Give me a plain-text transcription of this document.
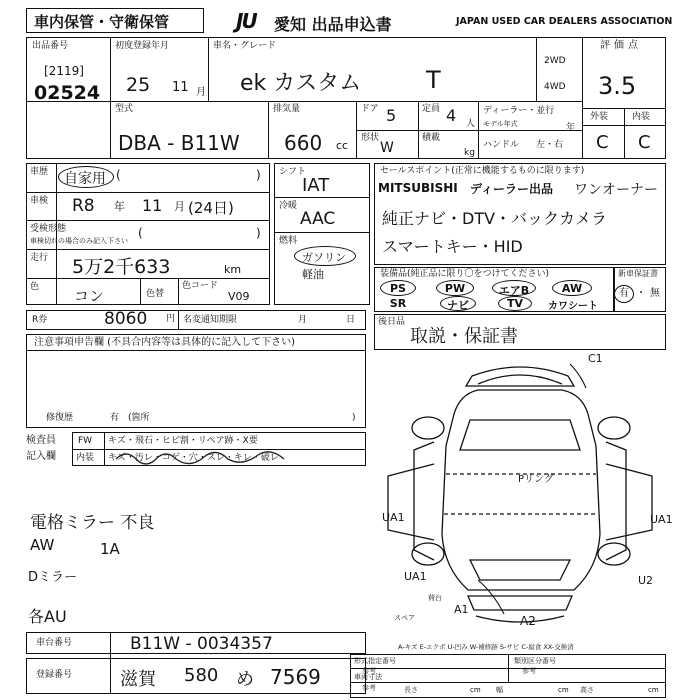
車内保管・守衛保管	JU 愛知 出品申込書	JAPAN USED CAR DEALERS ASSOCIATION
出品番号
[2119]
02524
初度登録年月
25 11 月
車名・グレード
ek カスタム	T
2WD
4WD
評価点
3.5
型式
DBA - B11W
排気量
660 cc
ドア 5
形状
W
定員 4 人
積載
kg
ディーラー・並行
モデル年式	年
ハンドル 左・右
外装	内装
C C
車歴 自家用 (	)
車検 R8 年 11 月 (24日)
受検形態
車検切れの場合のみ記入下さい
(	)
走行 5万2千633	km
色 コン	色替
色コード
V09
シフト
IAT
冷暖
AAC
燃料
ガソリン
軽油
セールスポイント(正常に機能するものに限ります)
MITSUBISHI ディーラー出品 ワンオーナー
純正ナビ・DTV・バックカメラ
スマートキー・HID
装備品(純正品に限り〇をつけてください)
PS	PW	エアB	AW
SR	ナビ	TV	カワシート
新車保証書
有 ・ 無
R券	8060 円 名変通知期限	月	日	後日品
取説・保証書
注意事項申告欄 (不具合内容等は具体的に記入して下さい)
修復歴	有 (箇所	)
検査員
記入欄
FW キズ・飛石・ヒビ割・リペア跡・X要
内装 キズ・汚レ・コゲ・穴・スレ・キレ・破レ
電格ミラー 不良
AW	1A
Dミラー
各AU
C1
Pリング
UA1	UA1
UA1	U2
A2
A1
スペア
荷台
A-キズ E-エクボ U-凹み W-補修跡 S-サビ C-腐食 XX-交換済
車台番号	B11W - 0034357
登録番号	滋賀 580 め 7569
形式指定番号
参考
類別区分番号
参考
車両寸法
参考	長さ	cm 幅	cm 高さ	cm
